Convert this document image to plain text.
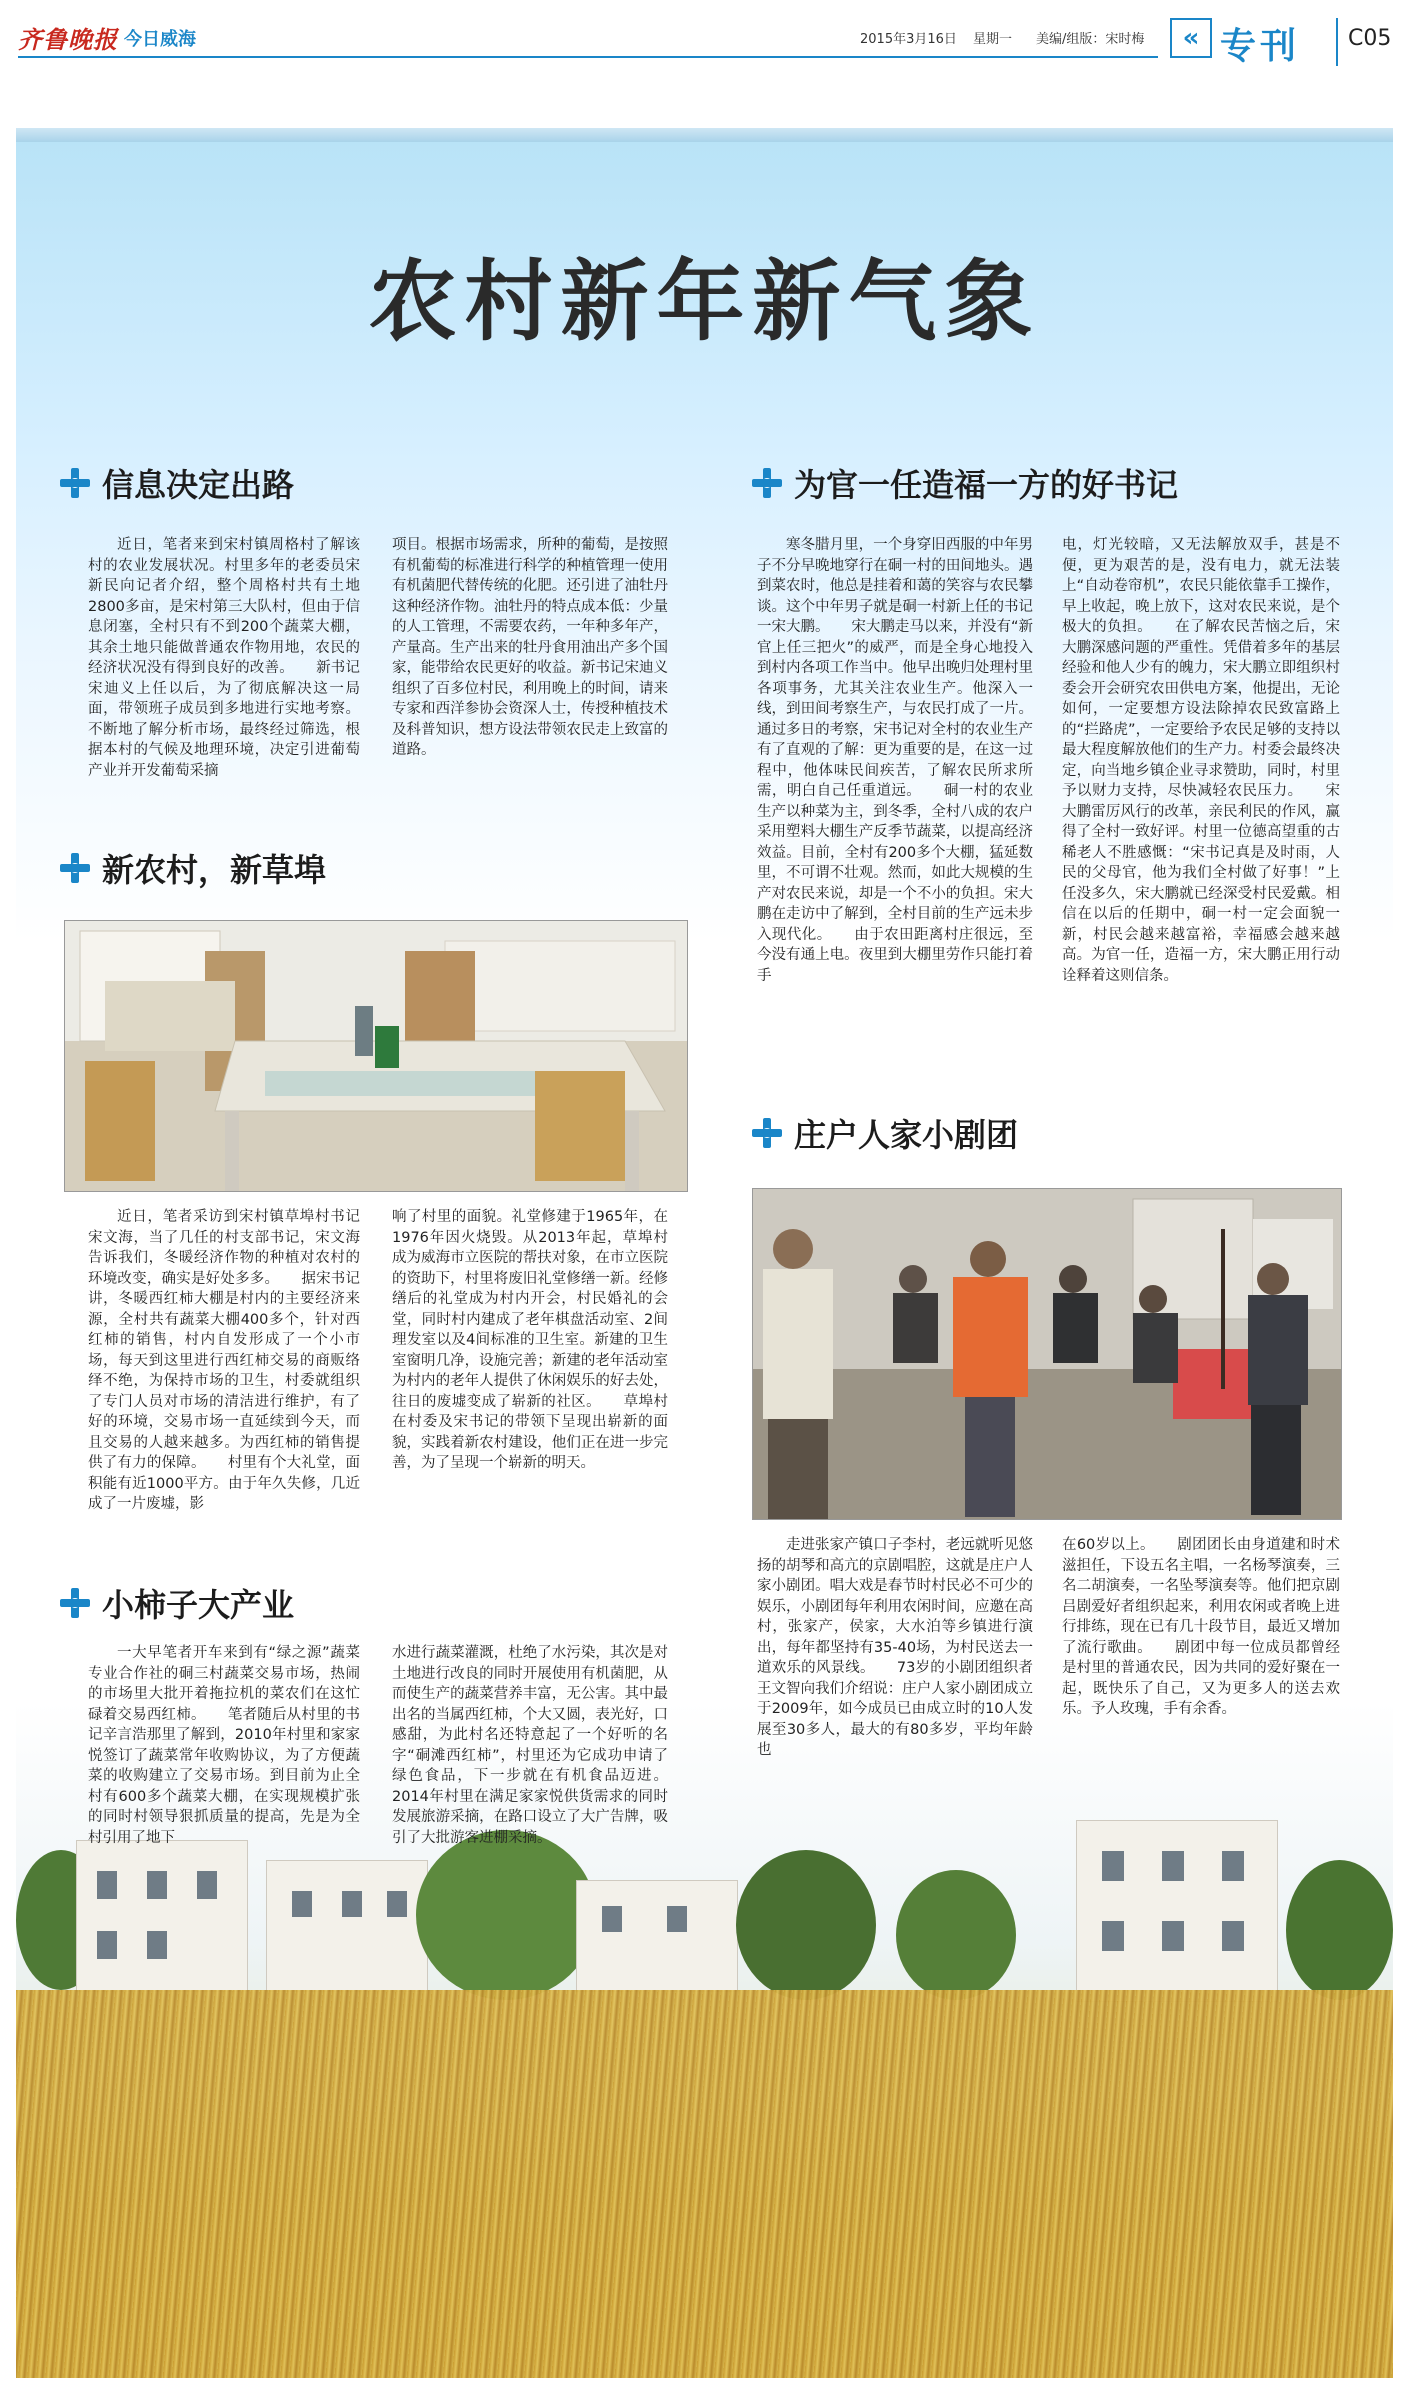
齐鲁晚报 今日威海	2015年3月16日 星期一 美编/组版：宋时梅	« 专刊 C05
农村新年新气象
信息决定出路

近日，笔者来到宋村镇周格村了解该村的农业发展状况。村里多年的老委员宋新民向记者介绍，整个周格村共有土地2800多亩，是宋村第三大队村，但由于信息闭塞，全村只有不到200个蔬菜大棚，其余土地只能做普通农作物用地，农民的经济状况没有得到良好的改善。　　新书记宋迪义上任以后，为了彻底解决这一局面，带领班子成员到多地进行实地考察。不断地了解分析市场，最终经过筛选，根据本村的气候及地理环境，决定引进葡萄产业并开发葡萄采摘

项目。根据市场需求，所种的葡萄，是按照有机葡萄的标准进行科学的种植管理一使用有机菌肥代替传统的化肥。还引进了油牡丹这种经济作物。油牡丹的特点成本低：少量的人工管理，不需要农药，一年种多年产，产量高。生产出来的牡丹食用油出产多个国家，能带给农民更好的收益。新书记宋迪义组织了百多位村民，利用晚上的时间，请来专家和西洋参协会资深人士，传授种植技术及科普知识，想方设法带领农民走上致富的道路。

新农村，新草埠

近日，笔者采访到宋村镇草埠村书记宋文海，当了几任的村支部书记，宋文海告诉我们，冬暖经济作物的种植对农村的环境改变，确实是好处多多。　　据宋书记讲，冬暖西红柿大棚是村内的主要经济来源，全村共有蔬菜大棚400多个，针对西红柿的销售，村内自发形成了一个小市场，每天到这里进行西红柿交易的商贩络绎不绝，为保持市场的卫生，村委就组织了专门人员对市场的清洁进行维护，有了好的环境，交易市场一直延续到今天，而且交易的人越来越多。为西红柿的销售提供了有力的保障。　　村里有个大礼堂，面积能有近1000平方。由于年久失修，几近成了一片废墟，影

响了村里的面貌。礼堂修建于1965年，在1976年因火烧毁。从2013年起，草埠村成为威海市立医院的帮扶对象，在市立医院的资助下，村里将废旧礼堂修缮一新。经修缮后的礼堂成为村内开会，村民婚礼的会堂，同时村内建成了老年棋盘活动室、2间理发室以及4间标准的卫生室。新建的卫生室窗明几净，设施完善；新建的老年活动室为村内的老年人提供了休闲娱乐的好去处，往日的废墟变成了崭新的社区。　　草埠村在村委及宋书记的带领下呈现出崭新的面貌，实践着新农村建设，他们正在进一步完善，为了呈现一个崭新的明天。

小柿子大产业

一大早笔者开车来到有“绿之源”蔬菜专业合作社的硐三村蔬菜交易市场，热闹的市场里大批开着拖拉机的菜农们在这忙碌着交易西红柿。　　笔者随后从村里的书记辛言浩那里了解到，2010年村里和家家悦签订了蔬菜常年收购协议，为了方便蔬菜的收购建立了交易市场。到目前为止全村有600多个蔬菜大棚，在实现规模扩张的同时村领导狠抓质量的提高，先是为全村引用了地下

水进行蔬菜灌溉，杜绝了水污染，其次是对土地进行改良的同时开展使用有机菌肥，从而使生产的蔬菜营养丰富，无公害。其中最出名的当属西红柿，个大又圆，表光好，口感甜，为此村名还特意起了一个好听的名字“硐滩西红柿”，村里还为它成功申请了绿色食品，下一步就在有机食品迈进。2014年村里在满足家家悦供货需求的同时发展旅游采摘，在路口设立了大广告牌，吸引了大批游客进棚采摘。

为官一任造福一方的好书记

寒冬腊月里，一个身穿旧西服的中年男子不分早晚地穿行在硐一村的田间地头。遇到菜农时，他总是挂着和蔼的笑容与农民攀谈。这个中年男子就是硐一村新上任的书记一宋大鹏。　　宋大鹏走马以来，并没有“新官上任三把火”的威严，而是全身心地投入到村内各项工作当中。他早出晚归处理村里各项事务，尤其关注农业生产。他深入一线，到田间考察生产，与农民打成了一片。通过多日的考察，宋书记对全村的农业生产有了直观的了解：更为重要的是，在这一过程中，他体味民间疾苦，了解农民所求所需，明白自己任重道远。　　硐一村的农业生产以种菜为主，到冬季，全村八成的农户采用塑料大棚生产反季节蔬菜，以提高经济效益。目前，全村有200多个大棚，猛延数里，不可谓不壮观。然而，如此大规模的生产对农民来说，却是一个不小的负担。宋大鹏在走访中了解到，全村目前的生产远未步入现代化。　　由于农田距离村庄很远，至今没有通上电。夜里到大棚里劳作只能打着手

电，灯光较暗，又无法解放双手，甚是不便，更为艰苦的是，没有电力，就无法装上“自动卷帘机”，农民只能依靠手工操作，早上收起，晚上放下，这对农民来说，是个极大的负担。　　在了解农民苦恼之后，宋大鹏深感问题的严重性。凭借着多年的基层经验和他人少有的魄力，宋大鹏立即组织村委会开会研究农田供电方案，他提出，无论如何，一定要想方设法除掉农民致富路上的“拦路虎”，一定要给予农民足够的支持以最大程度解放他们的生产力。村委会最终决定，向当地乡镇企业寻求赞助，同时，村里予以财力支持，尽快减轻农民压力。　　宋大鹏雷厉风行的改革，亲民利民的作风，赢得了全村一致好评。村里一位德高望重的古稀老人不胜感慨：“宋书记真是及时雨，人民的父母官，他为我们全村做了好事！”上任没多久，宋大鹏就已经深受村民爱戴。相信在以后的任期中，硐一村一定会面貌一新，村民会越来越富裕，幸福感会越来越高。为官一任，造福一方，宋大鹏正用行动诠释着这则信条。

庄户人家小剧团

走进张家产镇口子李村，老远就听见悠扬的胡琴和高亢的京剧唱腔，这就是庄户人家小剧团。唱大戏是春节时村民必不可少的娱乐，小剧团每年利用农闲时间，应邀在高村，张家产，侯家，大水泊等乡镇进行演出，每年都坚持有35-40场，为村民送去一道欢乐的风景线。　　73岁的小剧团组织者王文智向我们介绍说：庄户人家小剧团成立于2009年，如今成员已由成立时的10人发展至30多人，最大的有80多岁，平均年龄也

在60岁以上。　　剧团团长由身道建和时术滋担任，下设五名主唱，一名杨琴演奏，三名二胡演奏，一名坠琴演奏等。他们把京剧吕剧爱好者组织起来，利用农闲或者晚上进行排练，现在已有几十段节目，最近又增加了流行歌曲。　　剧团中每一位成员都曾经是村里的普通农民，因为共同的爱好聚在一起，既快乐了自己，又为更多人的送去欢乐。予人玫瑰，手有余香。
